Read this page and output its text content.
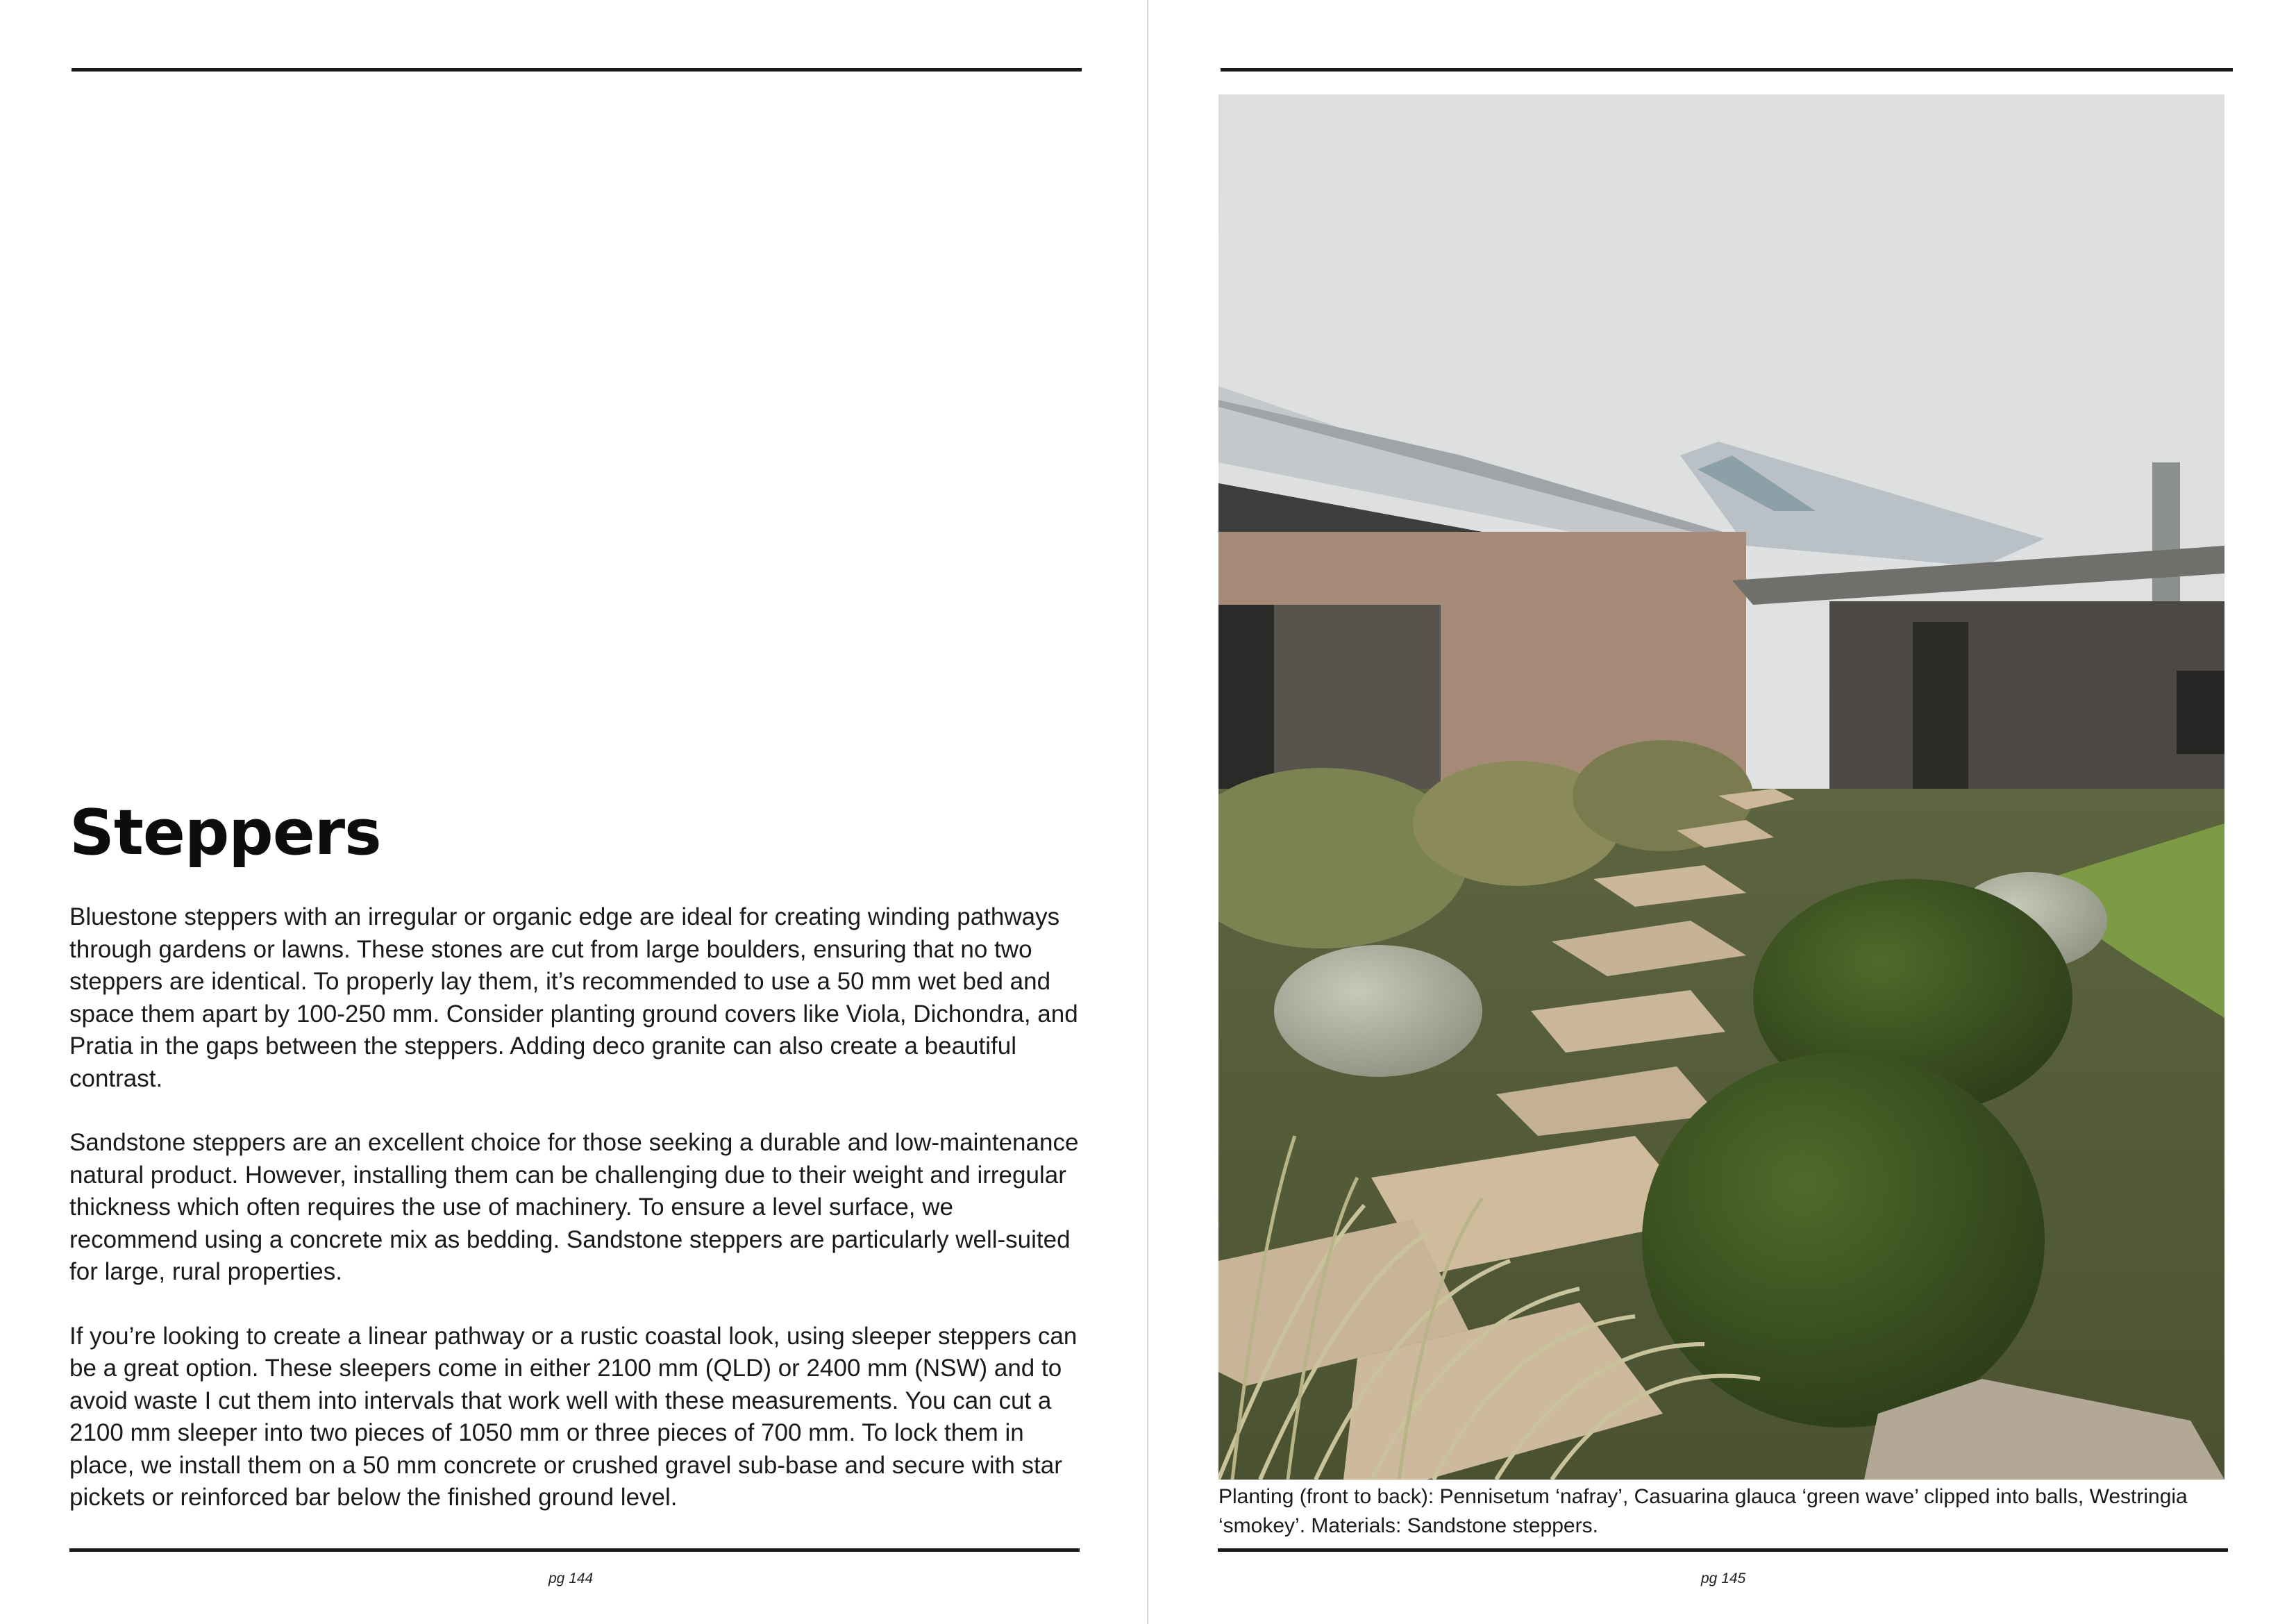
Steppers

Bluestone steppers with an irregular or organic edge are ideal for creating winding pathways through gardens or lawns. These stones are cut from large boulders, ensuring that no two steppers are identical. To properly lay them, it’s recommended to use a 50 mm wet bed and space them apart by 100-250 mm. Consider planting ground covers like Viola, Dichondra, and Pratia in the gaps between the steppers. Adding deco granite can also create a beautiful contrast.

Sandstone steppers are an excellent choice for those seeking a durable and low-maintenance natural product. However, installing them can be challenging due to their weight and irregular thickness which often requires the use of machinery. To ensure a level surface, we recommend using a concrete mix as bedding. Sandstone steppers are particularly well-suited for large, rural properties.

If you’re looking to create a linear pathway or a rustic coastal look, using sleeper steppers can be a great option. These sleepers come in either 2100 mm (QLD) or 2400 mm (NSW) and to avoid waste I cut them into intervals that work well with these measurements. You can cut a 2100 mm sleeper into two pieces of 1050 mm or three pieces of 700 mm. To lock them in place, we install them on a 50 mm concrete or crushed gravel sub-base and secure with star pickets or reinforced bar below the finished ground level.

pg 144	pg 145

Planting (front to back): Pennisetum ‘nafray’, Casuarina glauca ‘green wave’ clipped into balls, Westringia ‘smokey’. Materials: Sandstone steppers.
